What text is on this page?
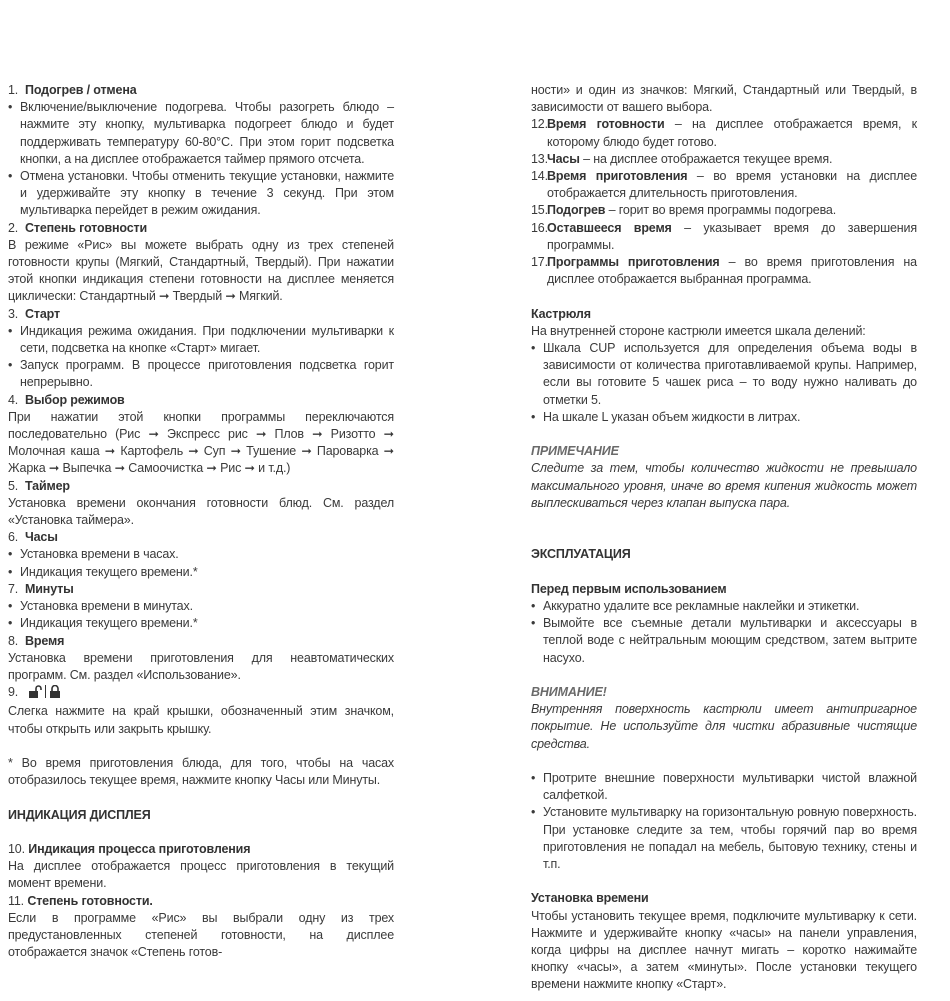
1. Подогрев / отмена
• Включение/выключение подогрева. Чтобы разогреть блюдо – нажмите эту кнопку, мультиварка подогреет блюдо и будет поддерживать температуру 60-80°С. При этом горит подсветка кнопки, а на дисплее отображается таймер прямого отсчета.
• Отмена установки. Чтобы отменить текущие установки, нажмите и удерживайте эту кнопку в течение 3 секунд. При этом мультиварка перейдет в режим ожидания.
2. Степень готовности
В режиме «Рис» вы можете выбрать одну из трех степеней готовности крупы (Мягкий, Стандартный, Твердый). При нажатии этой кнопки индикация степени готовности на дисплее меняется циклически: Стандартный ➞ Твердый ➞ Мягкий.
3. Старт
• Индикация режима ожидания. При подключении мультиварки к сети, подсветка на кнопке «Старт» мигает.
• Запуск программ. В процессе приготовления подсветка горит непрерывно.
4. Выбор режимов
При нажатии этой кнопки программы переключаются последовательно (Рис ➞ Экспресс рис ➞ Плов ➞ Ризотто ➞ Молочная каша ➞ Картофель ➞ Суп ➞ Тушение ➞ Пароварка ➞ Жарка ➞ Выпечка ➞ Самоочистка ➞ Рис ➞ и т.д.)
5. Таймер
Установка времени окончания готовности блюд. См. раздел «Установка таймера».
6. Часы
• Установка времени в часах.
• Индикация текущего времени.*
7. Минуты
• Установка времени в минутах.
• Индикация текущего времени.*
8. Время
Установка времени приготовления для неавтоматических программ. См. раздел «Использование».
9.
Слегка нажмите на край крышки, обозначенный этим значком, чтобы открыть или закрыть крышку.
* Во время приготовления блюда, для того, чтобы на часах отобразилось текущее время, нажмите кнопку Часы или Минуты.
ИНДИКАЦИЯ ДИСПЛЕЯ
10. Индикация процесса приготовления
На дисплее отображается процесс приготовления в текущий момент времени.
11. Степень готовности.
Если в программе «Рис» вы выбрали одну из трех предустановленных степеней готовности, на дисплее отображается значок «Степень готов-
ности» и один из значков: Мягкий, Стандартный или Твердый, в зависимости от вашего выбора.
12.Время готовности – на дисплее отображается время, к которому блюдо будет готово.
13.Часы – на дисплее отображается текущее время.
14.Время приготовления – во время установки на дисплее отображается длительность приготовления.
15.Подогрев – горит во время программы подогрева.
16.Оставшееся время – указывает время до завершения программы.
17.Программы приготовления – во время приготовления на дисплее отображается выбранная программа.
Кастрюля
На внутренней стороне кастрюли имеется шкала делений:
• Шкала CUP используется для определения объема воды в зависимости от количества приготавливаемой крупы. Например, если вы готовите 5 чашек риса – то воду нужно наливать до отметки 5.
• На шкале L указан объем жидкости в литрах.
ПРИМЕЧАНИЕ
Следите за тем, чтобы количество жидкости не превышало максимального уровня, иначе во время кипения жидкость может выплескиваться через клапан выпуска пара.
ЭКСПЛУАТАЦИЯ
Перед первым использованием
• Аккуратно удалите все рекламные наклейки и этикетки.
• Вымойте все съемные детали мультиварки и аксессуары в теплой воде с нейтральным моющим средством, затем вытрите насухо.
ВНИМАНИЕ!
Внутренняя поверхность кастрюли имеет антипригарное покрытие. Не используйте для чистки абразивные чистящие средства.
• Протрите внешние поверхности мультиварки чистой влажной салфеткой.
• Установите мультиварку на горизонтальную ровную поверхность. При установке следите за тем, чтобы горячий пар во время приготовления не попадал на мебель, бытовую технику, стены и т.п.
Установка времени
Чтобы установить текущее время, подключите мультиварку к сети. Нажмите и удерживайте кнопку «часы» на панели управления, когда цифры на дисплее начнут мигать – коротко нажимайте кнопку «часы», а затем «минуты». После установки текущего времени нажмите кнопку «Старт».
